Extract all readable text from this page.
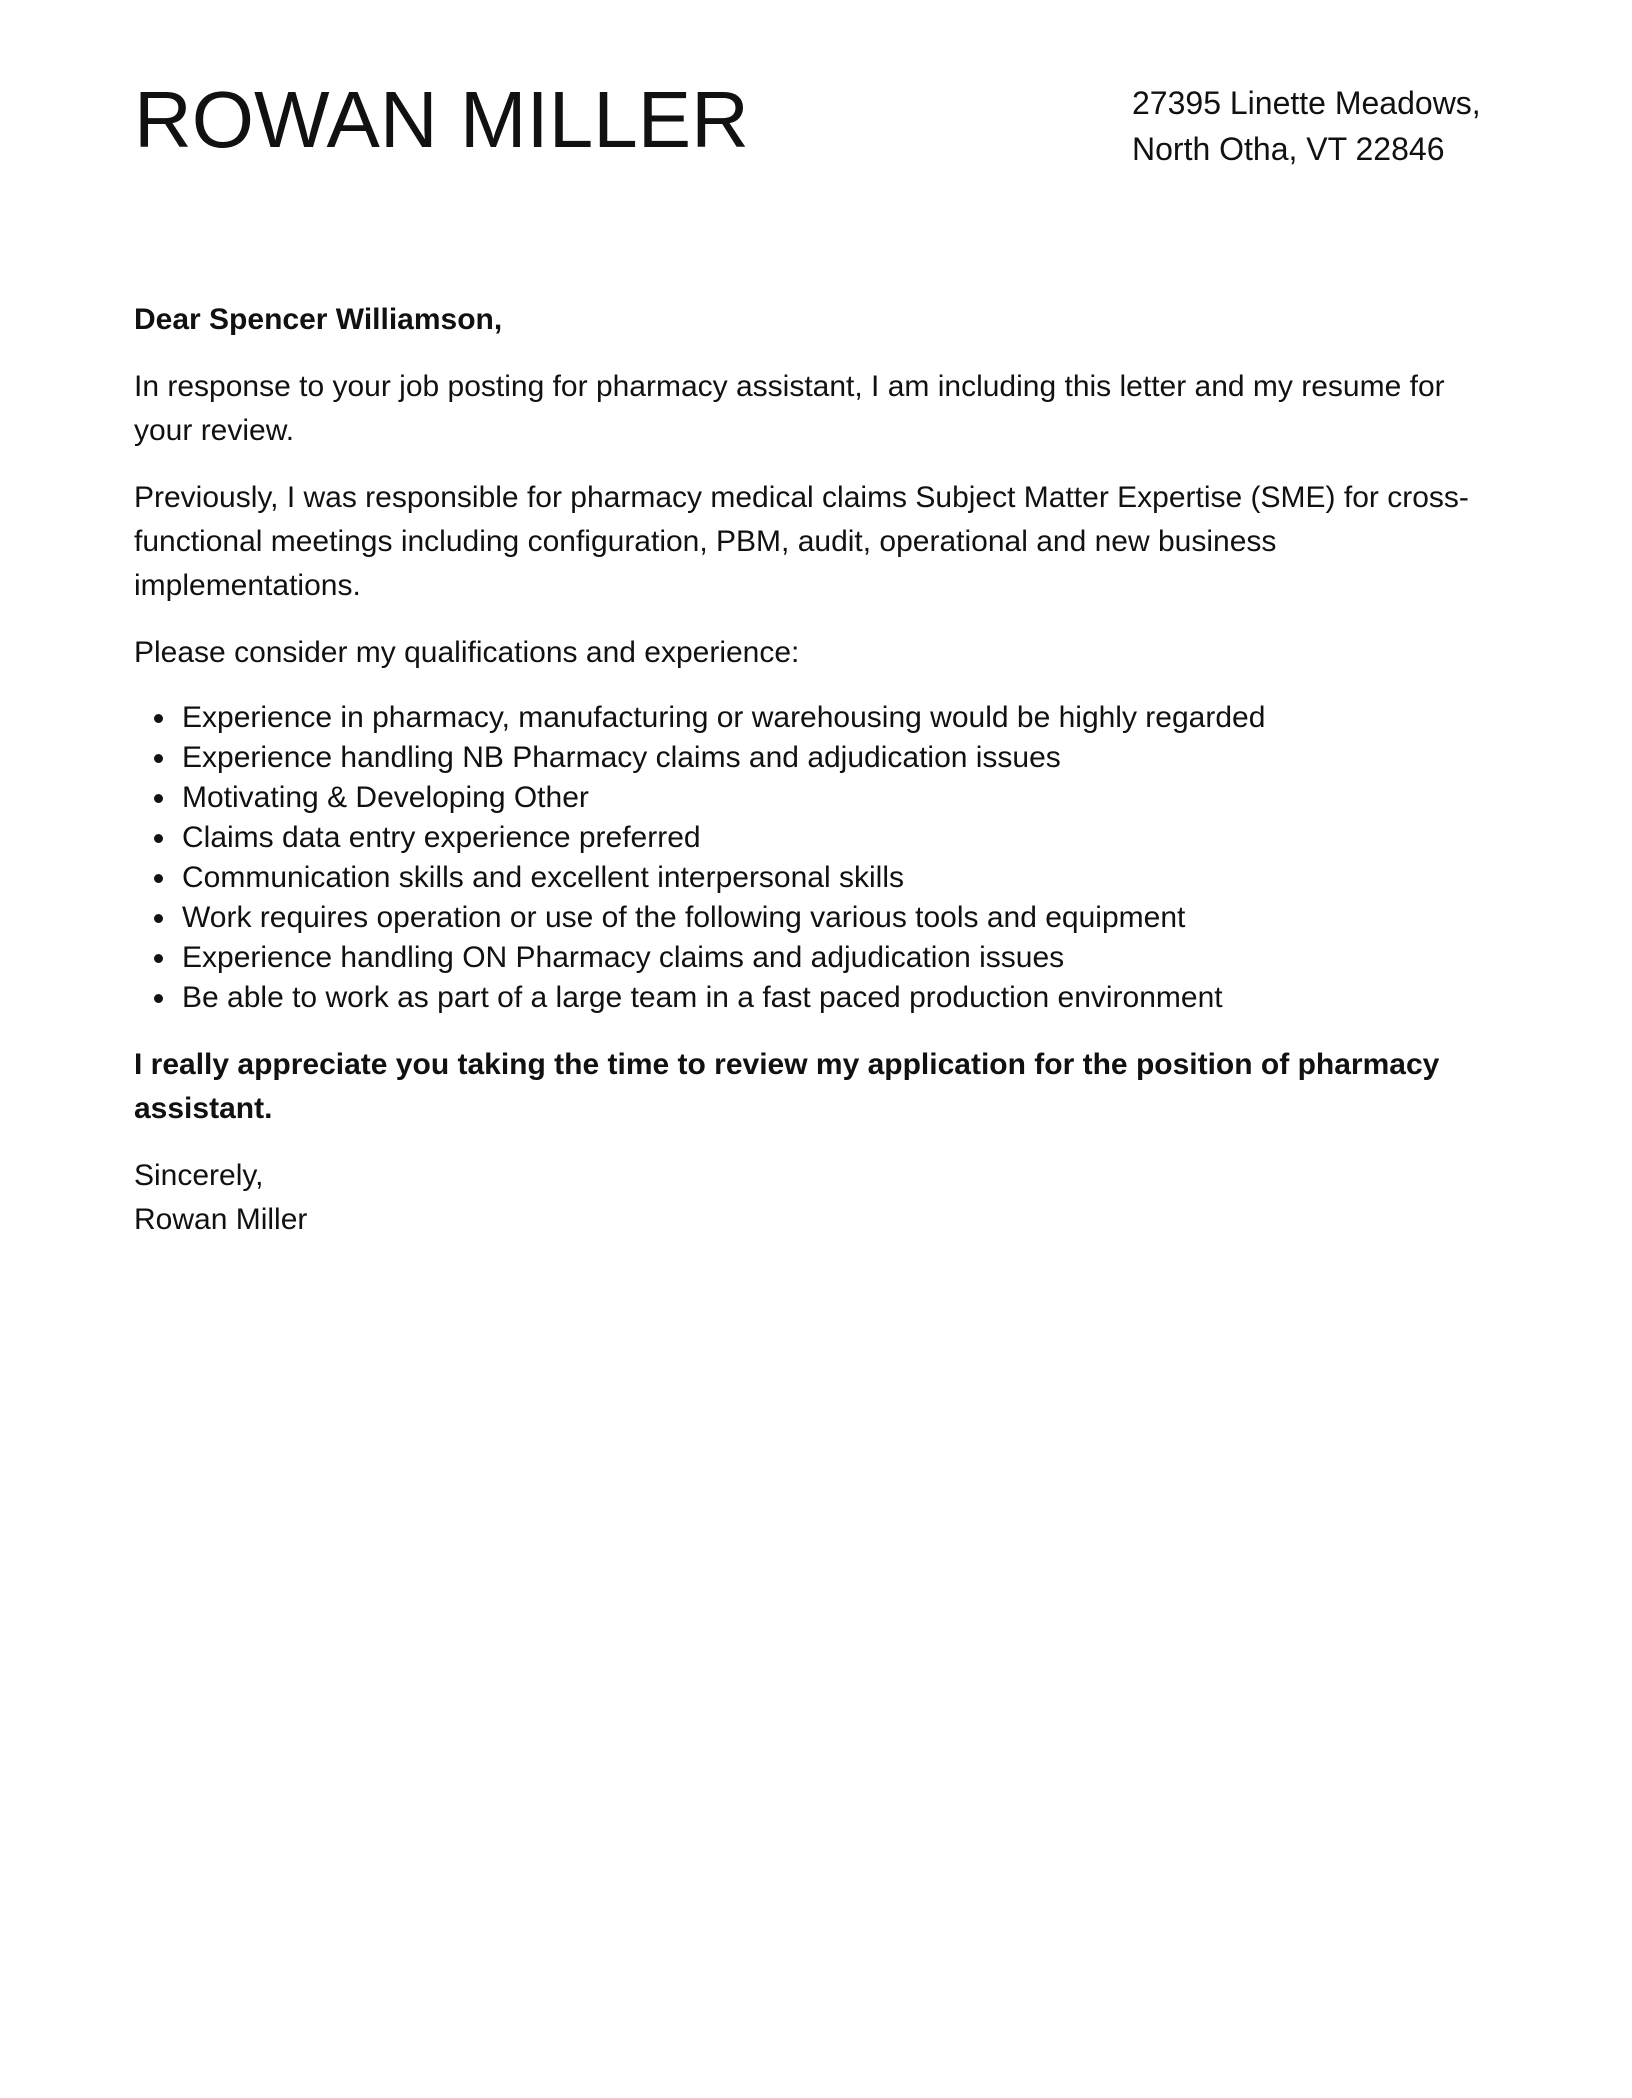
ROWAN MILLER	27395 Linette Meadows,
North Otha, VT 22846

Dear Spencer Williamson,

In response to your job posting for pharmacy assistant, I am including this letter and my resume for your review.

Previously, I was responsible for pharmacy medical claims Subject Matter Expertise (SME) for cross-functional meetings including configuration, PBM, audit, operational and new business implementations.

Please consider my qualifications and experience:

Experience in pharmacy, manufacturing or warehousing would be highly regarded
Experience handling NB Pharmacy claims and adjudication issues
Motivating & Developing Other
Claims data entry experience preferred
Communication skills and excellent interpersonal skills
Work requires operation or use of the following various tools and equipment
Experience handling ON Pharmacy claims and adjudication issues
Be able to work as part of a large team in a fast paced production environment

I really appreciate you taking the time to review my application for the position of pharmacy assistant.

Sincerely,
Rowan Miller
